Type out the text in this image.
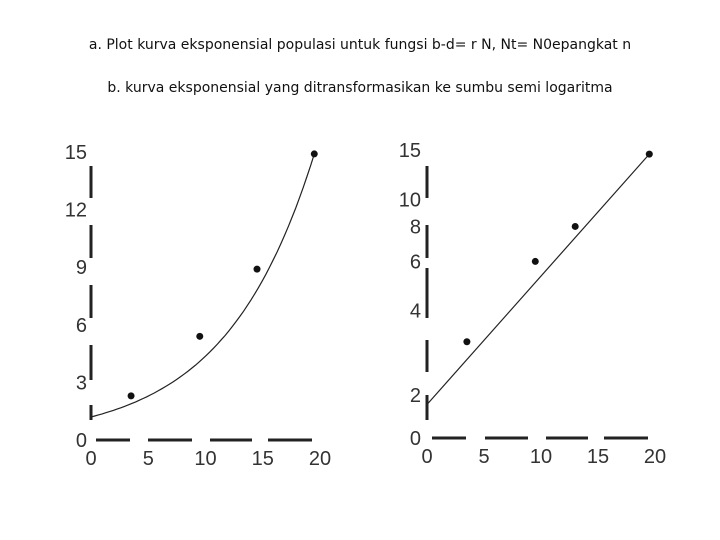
a. Plot kurva eksponensial populasi untuk fungsi b-d= r N, Nt= N0epangkat n
b. kurva eksponensial yang ditransformasikan ke sumbu semi logaritma
0
3
6
9
12
15
0 5 10 15 20
0
2
4
6
8
10
15
0 5 10 15 20
